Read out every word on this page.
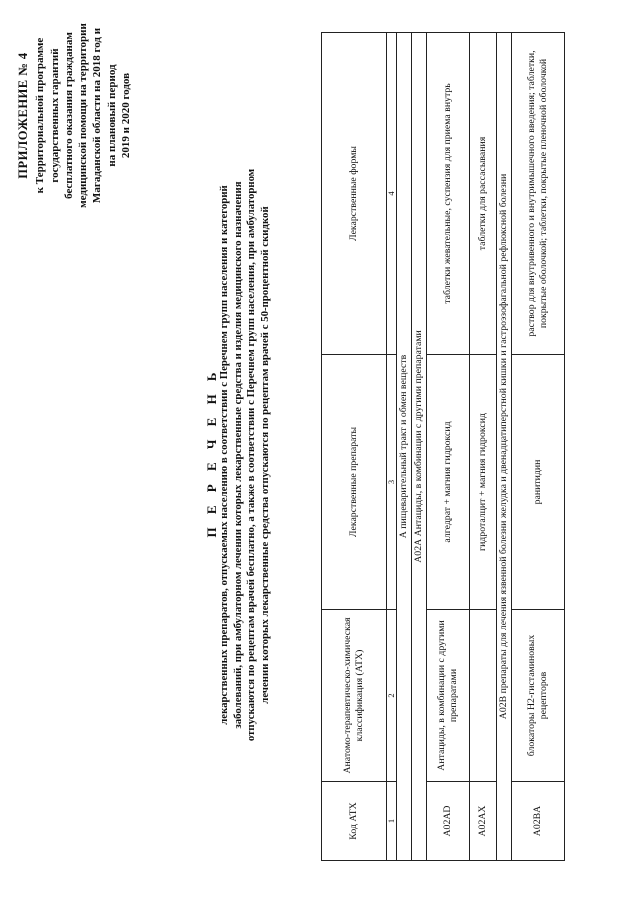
ПРИЛОЖЕНИЕ № 4 к Территориальной программе государственных гарантий бесплатного оказания гражданам медицинской помощи на территории Магаданской области на 2018 год и на плановый период 2019 и 2020 годов
П Е Р Е Ч Е Н Ь лекарственных препаратов, отпускаемых населению в соответствии с Перечнем групп населения и категорий заболеваний, при амбулаторном лечении которых лекарственные средства и изделия медицинского назначения отпускаются по рецептам врачей бесплатно, а также в соответствии с Перечнем групп населения, при амбулаторном лечении которых лекарственные средства отпускаются по рецептам врачей с 50-процентной скидкой
Код АТХ	Анатомо-терапевтическо-химическая классификация (АТХ)	Лекарственные препараты	Лекарственные формы
1	2	3	4
А пищеварительный тракт и обмен веществ			
А02А Антациды, в комбинации с другими препаратами			
A02AD	Антациды, в комбинации с другими препаратами	алгедрат + магния гидроксид	таблетки жевательные, суспензия для приема внутрь
A02AX		гидроталцит + магния гидроксид	таблетки для рассасывания
А02В препараты для лечения язвенной болезни желудка и двенадцатиперстной кишки и гастроэзофагальной рефлюксной болезни			
A02BA	блокаторы Н2-гистаминовых рецепторов	ранитидин	раствор для внутривенного и внутримышечного введения; таблетки, покрытые оболочкой; таблетки, покрытые пленочной оболочкой
